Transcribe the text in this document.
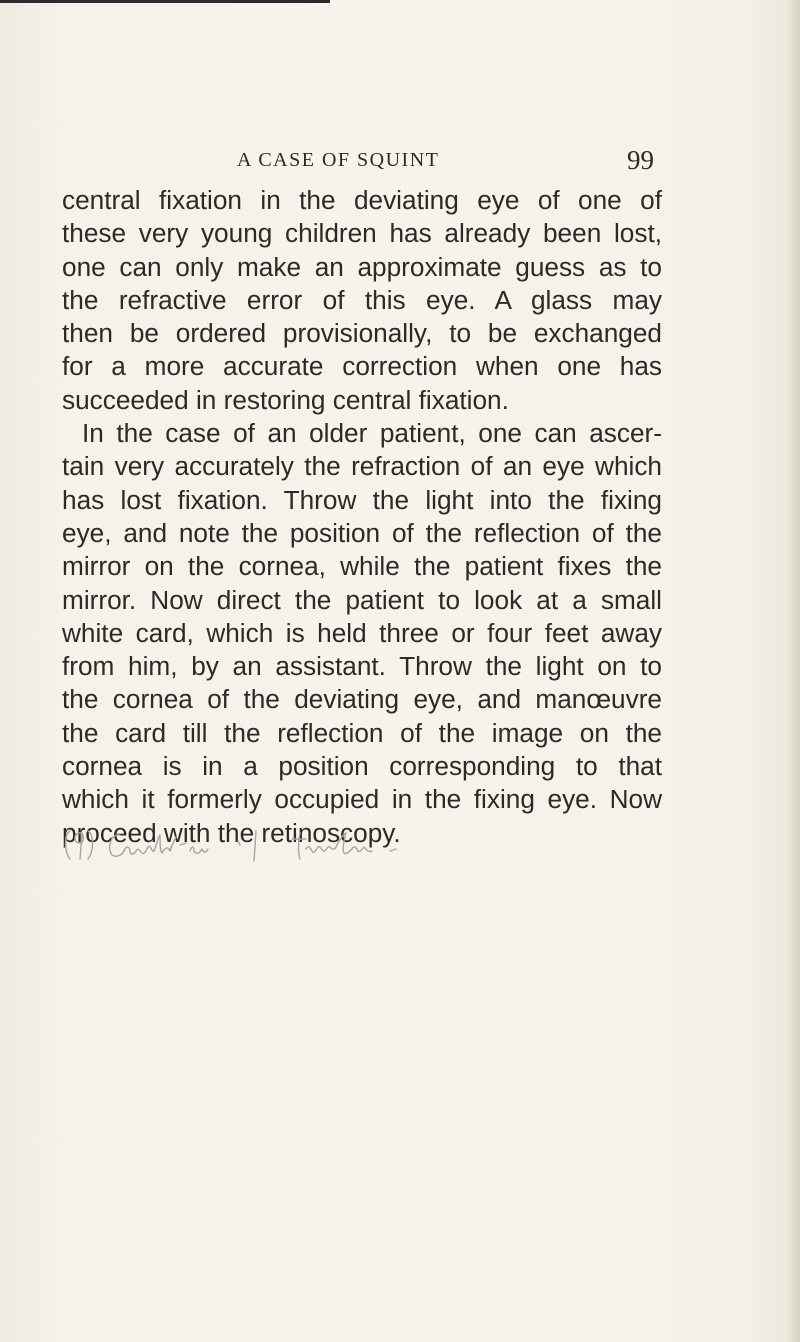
A CASE OF SQUINT	99
central fixation in the deviating eye of one of
these very young children has already been lost,
one can only make an approximate guess as to
the refractive error of this eye. A glass may
then be ordered provisionally, to be exchanged
for a more accurate correction when one has
succeeded in restoring central fixation.
In the case of an older patient, one can ascer-
tain very accurately the refraction of an eye which
has lost fixation. Throw the light into the fixing
eye, and note the position of the reflection of the
mirror on the cornea, while the patient fixes the
mirror. Now direct the patient to look at a small
white card, which is held three or four feet away
from him, by an assistant. Throw the light on to
the cornea of the deviating eye, and manœuvre
the card till the reflection of the image on the
cornea is in a position corresponding to that
which it formerly occupied in the fixing eye. Now
proceed with the retinoscopy.
